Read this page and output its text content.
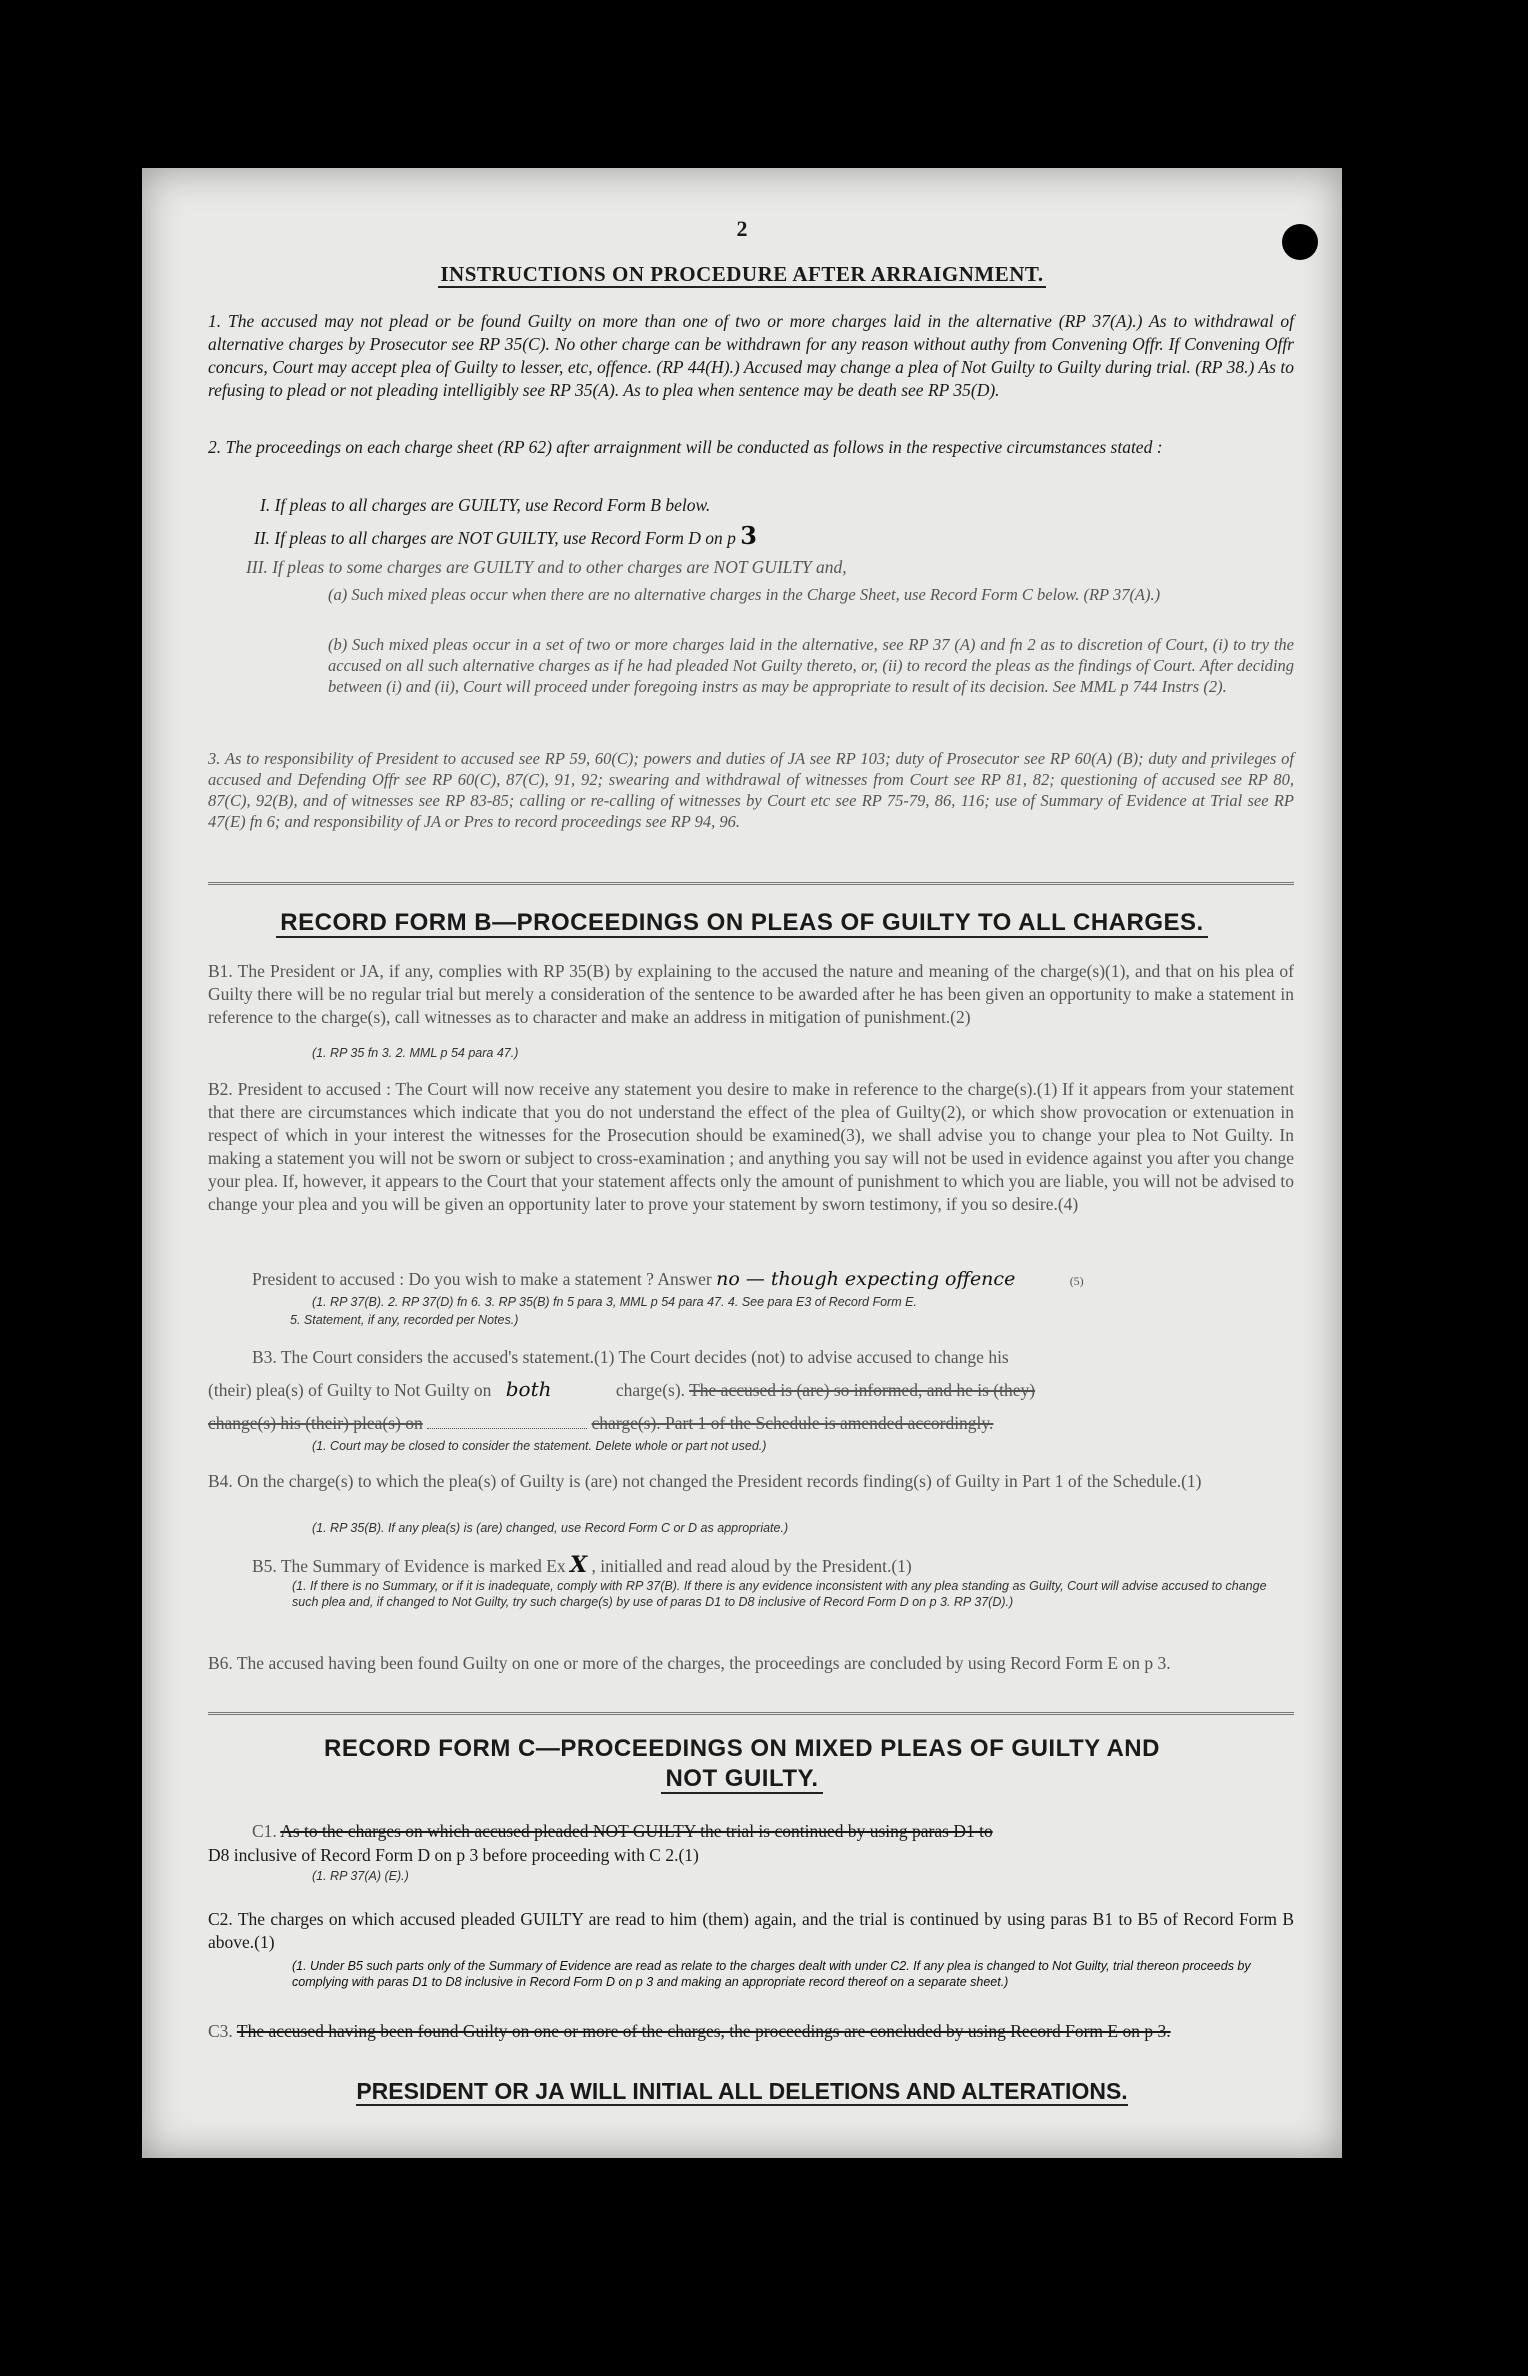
2
INSTRUCTIONS ON PROCEDURE AFTER ARRAIGNMENT.
1. The accused may not plead or be found Guilty on more than one of two or more charges laid in the alternative (RP 37(A).) As to withdrawal of alternative charges by Prosecutor see RP 35(C). No other charge can be withdrawn for any reason without authy from Convening Offr. If Convening Offr concurs, Court may accept plea of Guilty to lesser, etc, offence. (RP 44(H).) Accused may change a plea of Not Guilty to Guilty during trial. (RP 38.) As to refusing to plead or not pleading intelligibly see RP 35(A). As to plea when sentence may be death see RP 35(D).
2. The proceedings on each charge sheet (RP 62) after arraignment will be conducted as follows in the respective circumstances stated :
I. If pleas to all charges are GUILTY, use Record Form B below.
II. If pleas to all charges are NOT GUILTY, use Record Form D on p 3
III. If pleas to some charges are GUILTY and to other charges are NOT GUILTY and,
(a) Such mixed pleas occur when there are no alternative charges in the Charge Sheet, use Record Form C below. (RP 37(A).)
(b) Such mixed pleas occur in a set of two or more charges laid in the alternative, see RP 37 (A) and fn 2 as to discretion of Court, (i) to try the accused on all such alternative charges as if he had pleaded Not Guilty thereto, or, (ii) to record the pleas as the findings of Court. After deciding between (i) and (ii), Court will proceed under foregoing instrs as may be appropriate to result of its decision. See MML p 744 Instrs (2).
3. As to responsibility of President to accused see RP 59, 60(C); powers and duties of JA see RP 103; duty of Prosecutor see RP 60(A) (B); duty and privileges of accused and Defending Offr see RP 60(C), 87(C), 91, 92; swearing and withdrawal of witnesses from Court see RP 81, 82; questioning of accused see RP 80, 87(C), 92(B), and of witnesses see RP 83-85; calling or re-calling of witnesses by Court etc see RP 75-79, 86, 116; use of Summary of Evidence at Trial see RP 47(E) fn 6; and responsibility of JA or Pres to record proceedings see RP 94, 96.
RECORD FORM B—PROCEEDINGS ON PLEAS OF GUILTY TO ALL CHARGES.
B1. The President or JA, if any, complies with RP 35(B) by explaining to the accused the nature and meaning of the charge(s)(1), and that on his plea of Guilty there will be no regular trial but merely a consideration of the sentence to be awarded after he has been given an opportunity to make a statement in reference to the charge(s), call witnesses as to character and make an address in mitigation of punishment.(2)
(1. RP 35 fn 3. 2. MML p 54 para 47.)
B2. President to accused : The Court will now receive any statement you desire to make in reference to the charge(s).(1) If it appears from your statement that there are circumstances which indicate that you do not understand the effect of the plea of Guilty(2), or which show provocation or extenuation in respect of which in your interest the witnesses for the Prosecution should be examined(3), we shall advise you to change your plea to Not Guilty. In making a statement you will not be sworn or subject to cross-examination ; and anything you say will not be used in evidence against you after you change your plea. If, however, it appears to the Court that your statement affects only the amount of punishment to which you are liable, you will not be advised to change your plea and you will be given an opportunity later to prove your statement by sworn testimony, if you so desire.(4)
President to accused : Do you wish to make a statement ? Answer no — though expecting offence	(5)
(1. RP 37(B). 2. RP 37(D) fn 6. 3. RP 35(B) fn 5 para 3, MML p 54 para 47. 4. See para E3 of Record Form E.
5. Statement, if any, recorded per Notes.)
B3. The Court considers the accused's statement.(1) The Court decides (not) to advise accused to change his
(their) plea(s) of Guilty to Not Guilty on both	charge(s). The accused is (are) so informed, and he is (they)
change(s) his (their) plea(s) on	charge(s). Part 1 of the Schedule is amended accordingly.
(1. Court may be closed to consider the statement. Delete whole or part not used.)
B4. On the charge(s) to which the plea(s) of Guilty is (are) not changed the President records finding(s) of Guilty in Part 1 of the Schedule.(1)
(1. RP 35(B). If any plea(s) is (are) changed, use Record Form C or D as appropriate.)
B5. The Summary of Evidence is marked Ex X , initialled and read aloud by the President.(1)
(1. If there is no Summary, or if it is inadequate, comply with RP 37(B). If there is any evidence inconsistent with any plea standing as Guilty, Court will advise accused to change such plea and, if changed to Not Guilty, try such charge(s) by use of paras D1 to D8 inclusive of Record Form D on p 3. RP 37(D).)
B6. The accused having been found Guilty on one or more of the charges, the proceedings are concluded by using Record Form E on p 3.
RECORD FORM C—PROCEEDINGS ON MIXED PLEAS OF GUILTY AND
NOT GUILTY.
C1. As to the charges on which accused pleaded NOT GUILTY the trial is continued by using paras D1 to
D8 inclusive of Record Form D on p 3 before proceeding with C 2.(1)
(1. RP 37(A) (E).)
C2. The charges on which accused pleaded GUILTY are read to him (them) again, and the trial is continued by using paras B1 to B5 of Record Form B above.(1)
(1. Under B5 such parts only of the Summary of Evidence are read as relate to the charges dealt with under C2. If any plea is changed to Not Guilty, trial thereon proceeds by complying with paras D1 to D8 inclusive in Record Form D on p 3 and making an appropriate record thereof on a separate sheet.)
C3. The accused having been found Guilty on one or more of the charges, the proceedings are concluded by using Record Form E on p 3.
PRESIDENT OR JA WILL INITIAL ALL DELETIONS AND ALTERATIONS.
